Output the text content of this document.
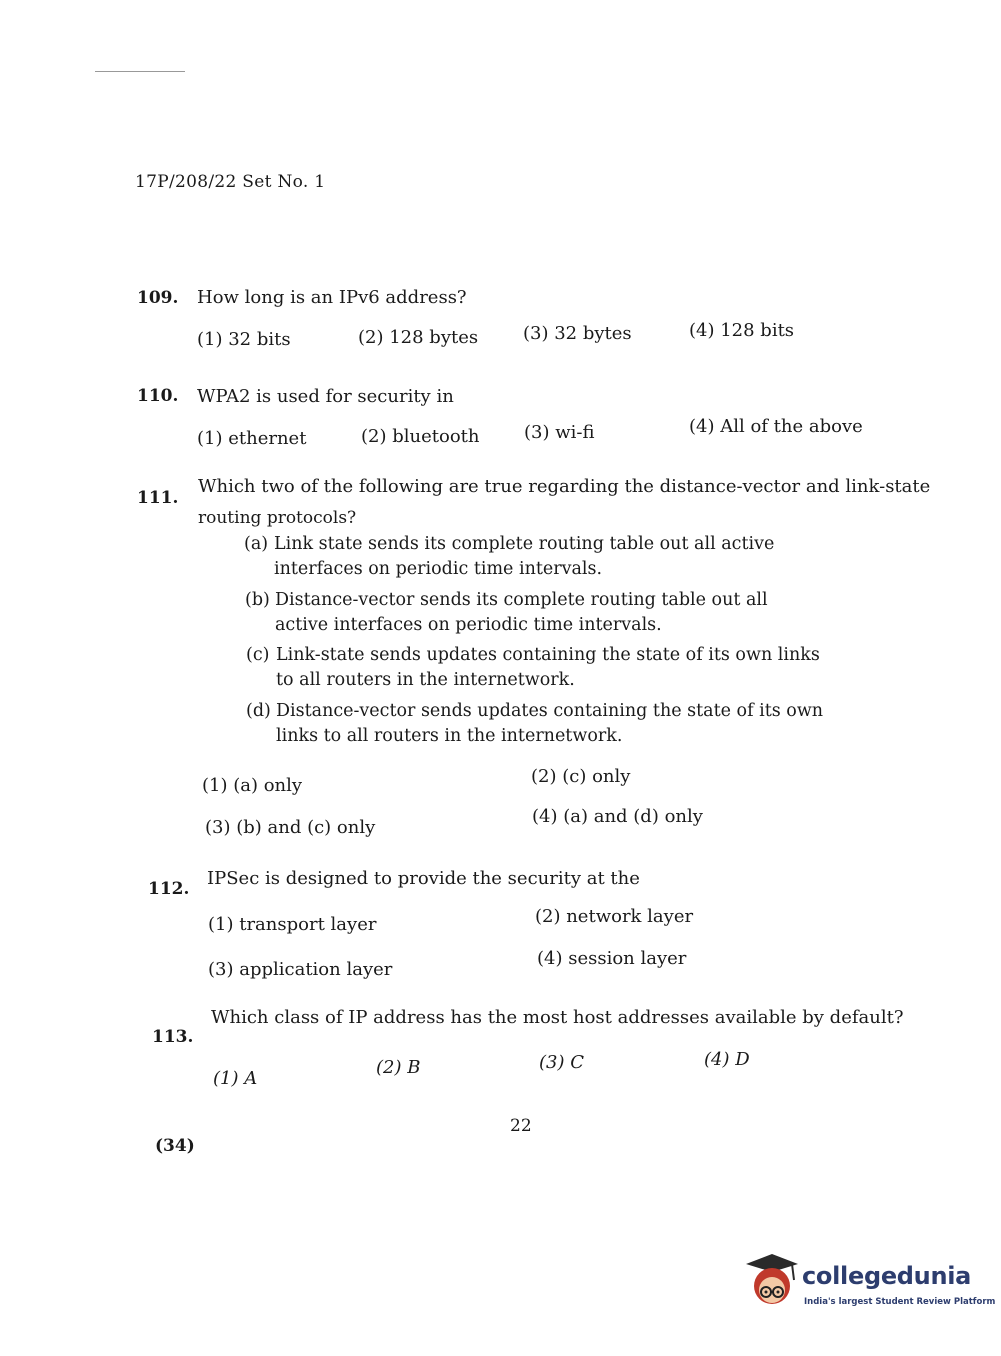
17P/208/22 Set No. 1
109. How long is an IPv6 address?
(1) 32 bits	(2) 128 bytes (3) 32 bytes	(4) 128 bits
110. WPA2 is used for security in
(1) ethernet	(2) bluetooth (3) wi-fi	(4) All of the above
111.
Which two of the following are true regarding the distance-vector and link-state
routing protocols?
(a) Link state sends its complete routing table out all active interfaces on periodic time intervals.
(b) Distance-vector sends its complete routing table out all active interfaces on periodic time intervals.
(c) Link-state sends updates containing the state of its own links to all routers in the internetwork.
(d) Distance-vector sends updates containing the state of its own links to all routers in the internetwork.
(1) (a) only	(2) (c) only
(3) (b) and (c) only
(4) (a) and (d) only
112. IPSec is designed to provide the security at the
(1) transport layer	(2) network layer
(3) application layer
(4) session layer
113.
Which class of IP address has the most host addresses available by default?
(1) A
(2) B	(3) C	(4) D
22
(34)
collegedunia
India's largest Student Review Platform
